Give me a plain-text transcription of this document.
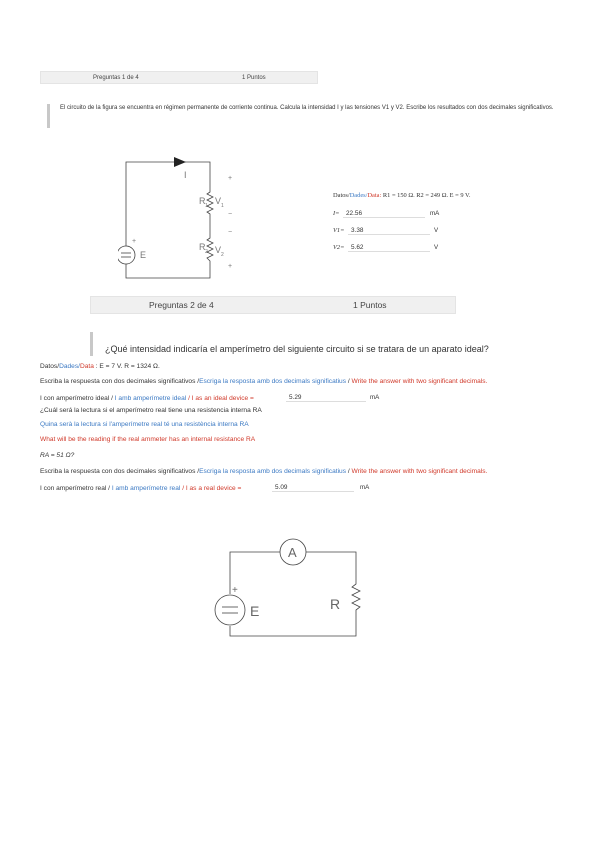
Preguntas 1 de 4	1 Puntos
El circuito de la figura se encuentra en régimen permanente de corriente continua. Calcula la intensidad I y las tensiones V1 y V2. Escribe los resultados con dos decimales significativos.
I
R 1 V 1
R 2 V 2
E
+
−
−
+
+
Datos/Dades/Data: R1 = 150 Ω. R2 = 249 Ω. E = 9 V.
I=	22.56	mA
V1=	3.38	V
V2=	5.62	V
Preguntas 2 de 4	1 Puntos
¿Qué intensidad indicaría el amperímetro del siguiente circuito si se tratara de un aparato ideal?
Datos/Dades/Data : E = 7 V. R = 1324 Ω.
Escriba la respuesta con dos decimales significativos /Escriga la resposta amb dos decimals significatius / Write the answer with two significant decimals.
I con amperímetro ideal / I amb amperímetre ideal / I as an ideal device =	5.29	mA
¿Cuál será la lectura si el amperímetro real tiene una resistencia interna RA
Quina serà la lectura si l'amperímetre real té una resistència interna RA
What will be the reading if the real ammeter has an internal resistance RA
RA = 51 Ω?
Escriba la respuesta con dos decimales significativos /Escriga la resposta amb dos decimals significatius / Write the answer with two significant decimals.
I con amperímetro real / I amb amperímetre real / I as a real device =	5.09	mA
A
R
E
+
